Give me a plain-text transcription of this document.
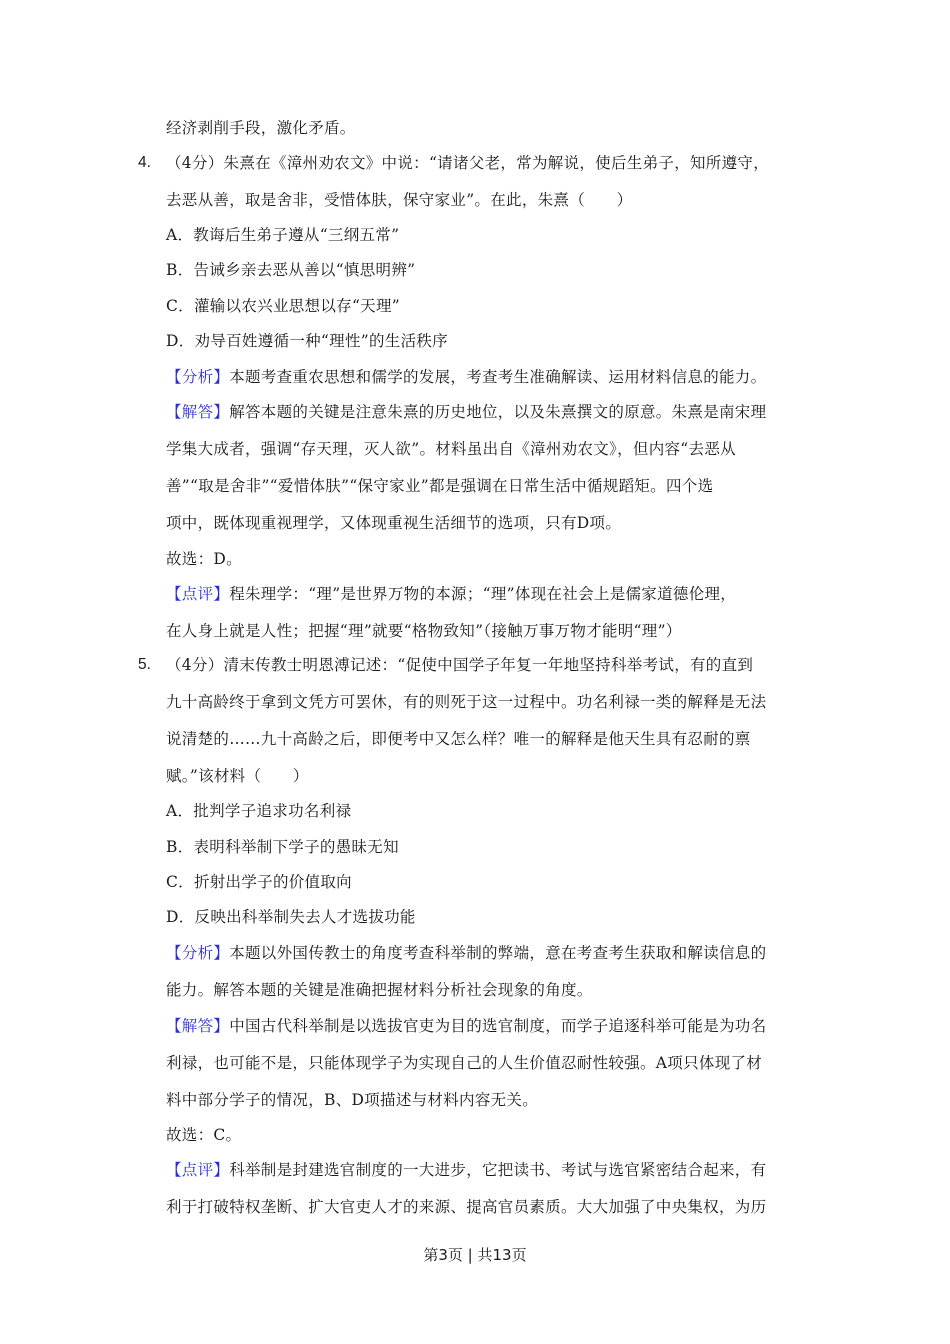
经济剥削手段，激化矛盾。
4. （4分）朱熹在《漳州劝农文》中说：“请诸父老，常为解说，使后生弟子，知所遵守，
去恶从善，取是舍非，受惜体肤，保守家业”。在此，朱熹（　　）
A．教诲后生弟子遵从“三纲五常”
B．告诫乡亲去恶从善以“慎思明辨”
C．灌输以农兴业思想以存“天理”
D．劝导百姓遵循一种“理性”的生活秩序
【分析】本题考查重农思想和儒学的发展，考查考生准确解读、运用材料信息的能力。
【解答】解答本题的关键是注意朱熹的历史地位，以及朱熹撰文的原意。朱熹是南宋理
学集大成者，强调“存天理，灭人欲”。材料虽出自《漳州劝农文》，但内容“去恶从
善”“取是舍非”“爱惜体肤”“保守家业”都是强调在日常生活中循规蹈矩。四个选
项中，既体现重视理学，又体现重视生活细节的选项，只有D项。
故选：D。
【点评】程朱理学：“理”是世界万物的本源；“理”体现在社会上是儒家道德伦理，
在人身上就是人性；把握“理”就要“格物致知”（接触万事万物才能明“理”）
5. （4分）清末传教士明恩溥记述：“促使中国学子年复一年地坚持科举考试，有的直到
九十高龄终于拿到文凭方可罢休，有的则死于这一过程中。功名利禄一类的解释是无法
说清楚的……九十高龄之后，即便考中又怎么样？唯一的解释是他天生具有忍耐的禀
赋。”该材料（　　）
A．批判学子追求功名利禄
B．表明科举制下学子的愚昧无知
C．折射出学子的价值取向
D．反映出科举制失去人才选拔功能
【分析】本题以外国传教士的角度考查科举制的弊端，意在考查考生获取和解读信息的
能力。解答本题的关键是准确把握材料分析社会现象的角度。
【解答】中国古代科举制是以选拔官吏为目的选官制度，而学子追逐科举可能是为功名
利禄，也可能不是，只能体现学子为实现自己的人生价值忍耐性较强。A项只体现了材
料中部分学子的情况，B、D项描述与材料内容无关。
故选：C。
【点评】科举制是封建选官制度的一大进步，它把读书、考试与选官紧密结合起来，有
利于打破特权垄断、扩大官吏人才的来源、提高官员素质。大大加强了中央集权，为历
第3页 | 共13页
